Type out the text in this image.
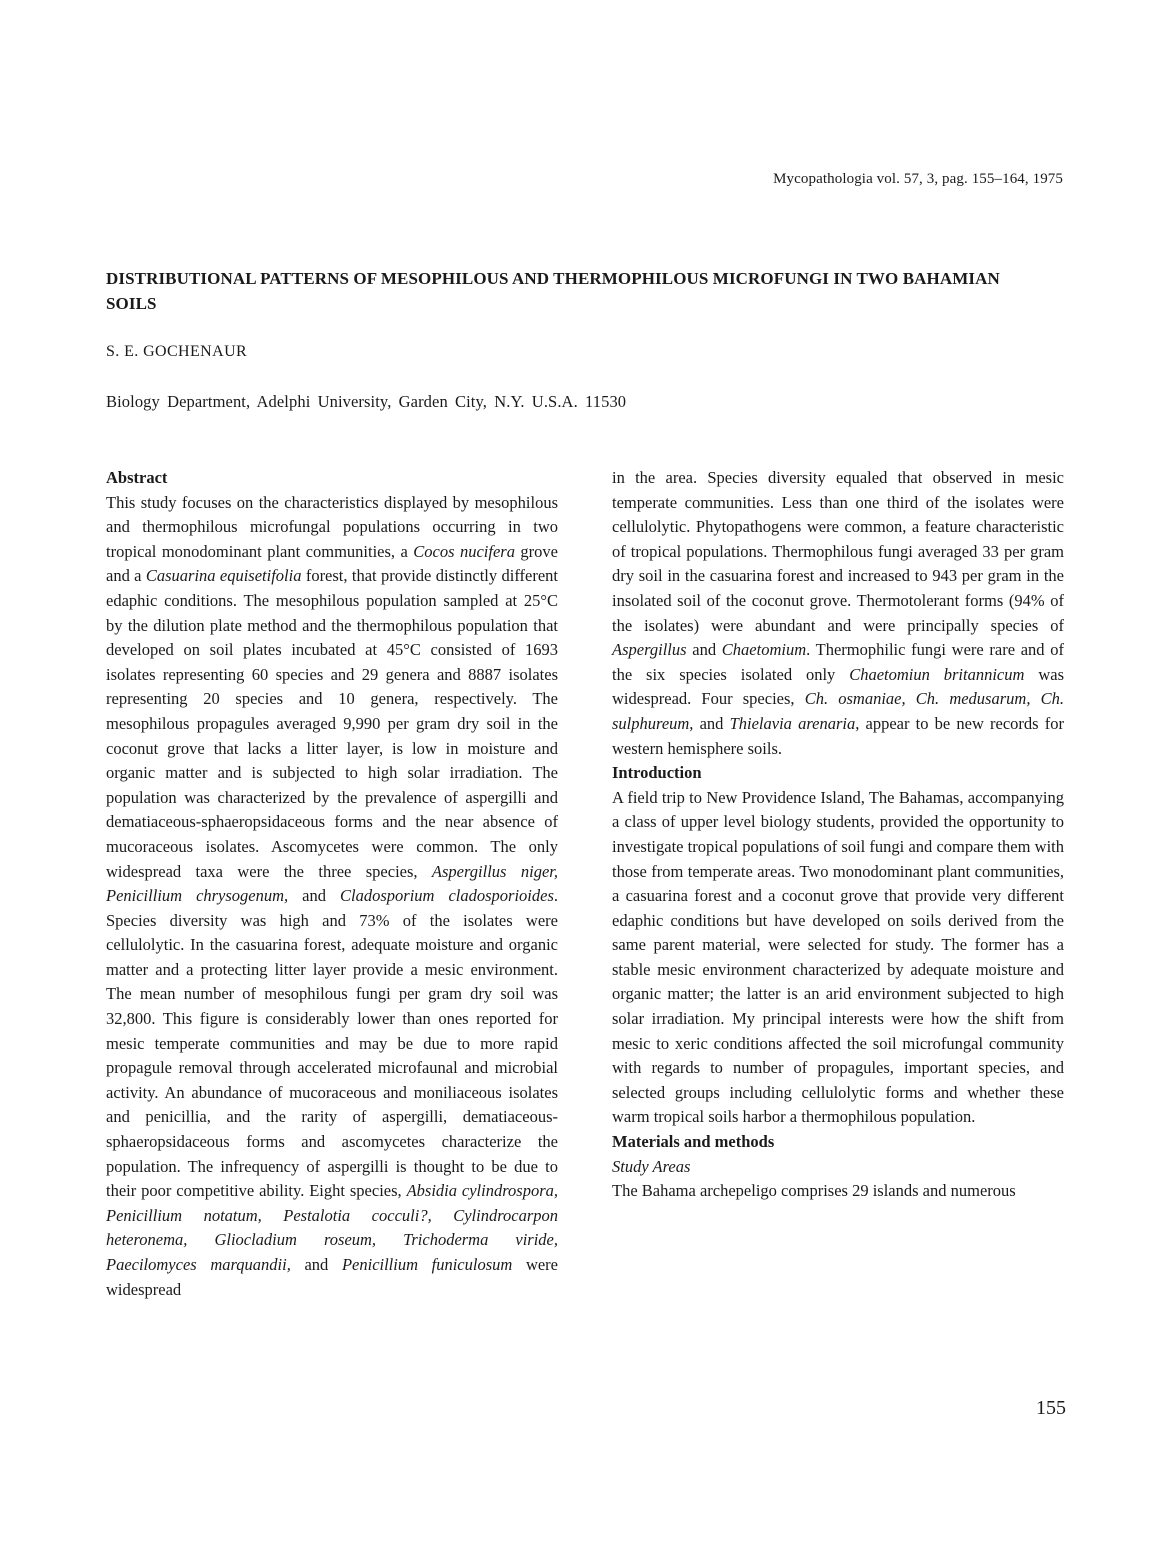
Mycopathologia vol. 57, 3, pag. 155–164, 1975
DISTRIBUTIONAL PATTERNS OF MESOPHILOUS AND THERMOPHILOUS MICROFUNGI IN TWO BAHAMIAN SOILS
S. E. GOCHENAUR
Biology Department, Adelphi University, Garden City, N.Y. U.S.A. 11530

Abstract

This study focuses on the characteristics displayed by mesophilous and thermophilous microfungal populations occurring in two tropical monodominant plant communities, a Cocos nucifera grove and a Casuarina equisetifolia forest, that provide distinctly different edaphic conditions. The mesophilous population sampled at 25°C by the dilution plate method and the thermophilous population that developed on soil plates incubated at 45°C consisted of 1693 isolates representing 60 species and 29 genera and 8887 isolates representing 20 species and 10 genera, respectively. The mesophilous propagules averaged 9,990 per gram dry soil in the coconut grove that lacks a litter layer, is low in moisture and organic matter and is subjected to high solar irradiation. The population was characterized by the prevalence of aspergilli and dematiaceous-sphaeropsidaceous forms and the near absence of mucoraceous isolates. Ascomycetes were common. The only widespread taxa were the three species, Aspergillus niger, Penicillium chrysogenum, and Cladosporium cladosporioides. Species diversity was high and 73% of the isolates were cellulolytic. In the casuarina forest, adequate moisture and organic matter and a protecting litter layer provide a mesic environment. The mean number of mesophilous fungi per gram dry soil was 32,800. This figure is considerably lower than ones reported for mesic temperate communities and may be due to more rapid propagule removal through accelerated microfaunal and microbial activity. An abundance of mucoraceous and moniliaceous isolates and penicillia, and the rarity of aspergilli, dematiaceous-sphaeropsidaceous forms and ascomycetes characterize the population. The infrequency of aspergilli is thought to be due to their poor competitive ability. Eight species, Absidia cylindrospora, Penicillium notatum, Pestalotia cocculi?, Cylindrocarpon heteronema, Gliocladium roseum, Trichoderma viride, Paecilomyces marquandii, and Penicillium funiculosum were widespread

in the area. Species diversity equaled that observed in mesic temperate communities. Less than one third of the isolates were cellulolytic. Phytopathogens were common, a feature characteristic of tropical populations. Thermophilous fungi averaged 33 per gram dry soil in the casuarina forest and increased to 943 per gram in the insolated soil of the coconut grove. Thermotolerant forms (94% of the isolates) were abundant and were principally species of Aspergillus and Chaetomium. Thermophilic fungi were rare and of the six species isolated only Chaetomiun britannicum was widespread. Four species, Ch. osmaniae, Ch. medusarum, Ch. sulphureum, and Thielavia arenaria, appear to be new records for western hemisphere soils.

Introduction

A field trip to New Providence Island, The Bahamas, accompanying a class of upper level biology students, provided the opportunity to investigate tropical populations of soil fungi and compare them with those from temperate areas. Two monodominant plant communities, a casuarina forest and a coconut grove that provide very different edaphic conditions but have developed on soils derived from the same parent material, were selected for study. The former has a stable mesic environment characterized by adequate moisture and organic matter; the latter is an arid environment subjected to high solar irradiation. My principal interests were how the shift from mesic to xeric conditions affected the soil microfungal community with regards to number of propagules, important species, and selected groups including cellulolytic forms and whether these warm tropical soils harbor a thermophilous population.

Materials and methods

Study Areas

The Bahama archepeligo comprises 29 islands and numerous

155
